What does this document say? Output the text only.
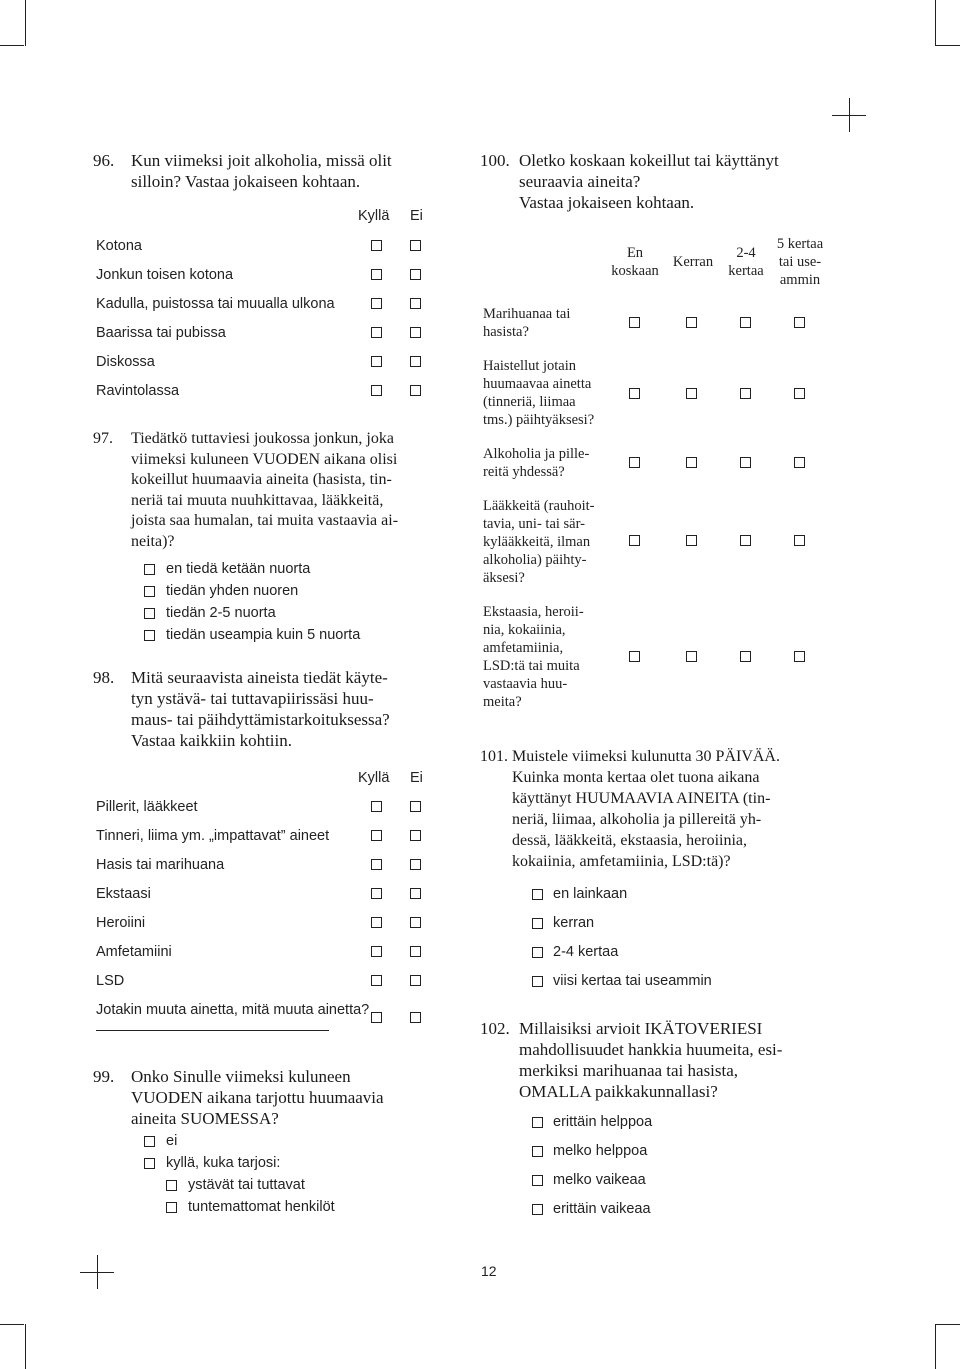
96. Kun viimeksi joit alkoholia, missä olit
silloin? Vastaa jokaiseen kohtaan.
Kyllä Ei
Kotona
Jonkun toisen kotona
Kadulla, puistossa tai muualla ulkona
Baarissa tai pubissa
Diskossa
Ravintolassa
97. Tiedätkö tuttaviesi joukossa jonkun, joka
viimeksi kuluneen VUODEN aikana olisi
kokeillut huumaavia aineita (hasista, tin-
neriä tai muuta nuuhkittavaa, lääkkeitä,
joista saa humalan, tai muita vastaavia ai-
neita)?
en tiedä ketään nuorta
tiedän yhden nuoren
tiedän 2-5 nuorta
tiedän useampia kuin 5 nuorta
98. Mitä seuraavista aineista tiedät käyte-
tyn ystävä- tai tuttavapiirissäsi huu-
maus- tai päihdyttämistarkoituksessa?
Vastaa kaikkiin kohtiin.
Kyllä Ei
Pillerit, lääkkeet
Tinneri, liima ym. „impattavat” aineet
Hasis tai marihuana
Ekstaasi
Heroiini
Amfetamiini
LSD
Jotakin muuta ainetta, mitä muuta ainetta?
99. Onko Sinulle viimeksi kuluneen
VUODEN aikana tarjottu huumaavia
aineita SUOMESSA?
ei
kyllä, kuka tarjosi:
ystävät tai tuttavat
tuntemattomat henkilöt
100. Oletko koskaan kokeillut tai käyttänyt
seuraavia aineita?
Vastaa jokaiseen kohtaan.
En
koskaan
Kerran
2-4
kertaa
5 kertaa
tai use-
ammin
Marihuanaa tai
hasista?
Haistellut jotain
huumaavaa ainetta
(tinneriä, liimaa
tms.) päihtyäksesi?
Alkoholia ja pille-
reitä yhdessä?
Lääkkeitä (rauhoit-
tavia, uni- tai sär-
kylääkkeitä, ilman
alkoholia) päihty-
äksesi?
Ekstaasia, heroii-
nia, kokaiinia,
amfetamiinia,
LSD:tä tai muita
vastaavia huu-
meita?
101. Muistele viimeksi kulunutta 30 PÄIVÄÄ.
Kuinka monta kertaa olet tuona aikana
käyttänyt HUUMAAVIA AINEITA (tin-
neriä, liimaa, alkoholia ja pillereitä yh-
dessä, lääkkeitä, ekstaasia, heroiinia,
kokaiinia, amfetamiinia, LSD:tä)?
en lainkaan
kerran
2-4 kertaa
viisi kertaa tai useammin
102. Millaisiksi arvioit IKÄTOVERIESI
mahdollisuudet hankkia huumeita, esi-
merkiksi marihuanaa tai hasista,
OMALLA paikkakunnallasi?
erittäin helppoa
melko helppoa
melko vaikeaa
erittäin vaikeaa
12
